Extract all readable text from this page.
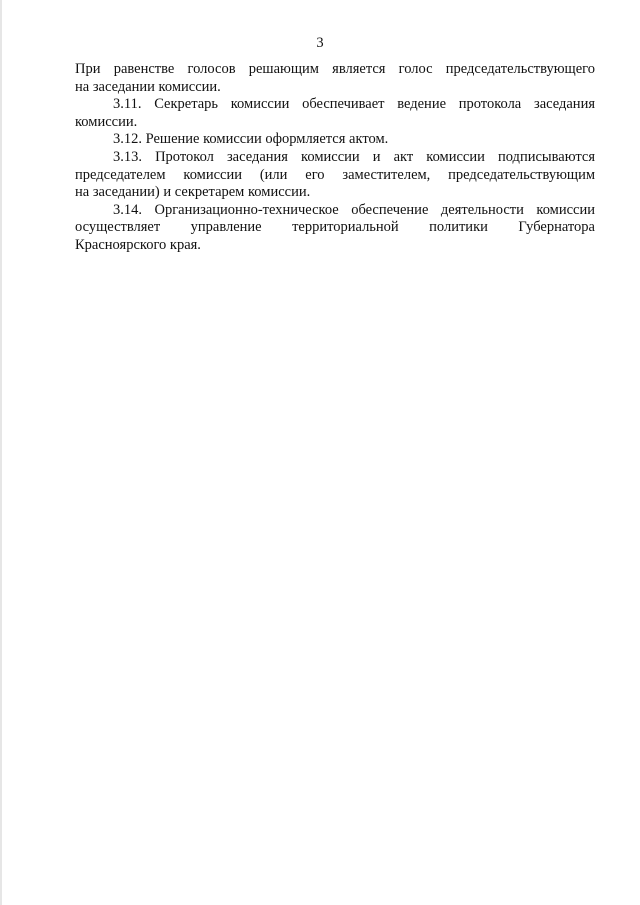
3
При равенстве голосов решающим является голос председательствующего
на заседании комиссии.
3.11. Секретарь комиссии обеспечивает ведение протокола заседания
комиссии.
3.12. Решение комиссии оформляется актом.
3.13. Протокол заседания комиссии и акт комиссии подписываются
председателем комиссии (или его заместителем, председательствующим
на заседании) и секретарем комиссии.
3.14. Организационно-техническое обеспечение деятельности комиссии
осуществляет управление территориальной политики Губернатора
Красноярского края.
